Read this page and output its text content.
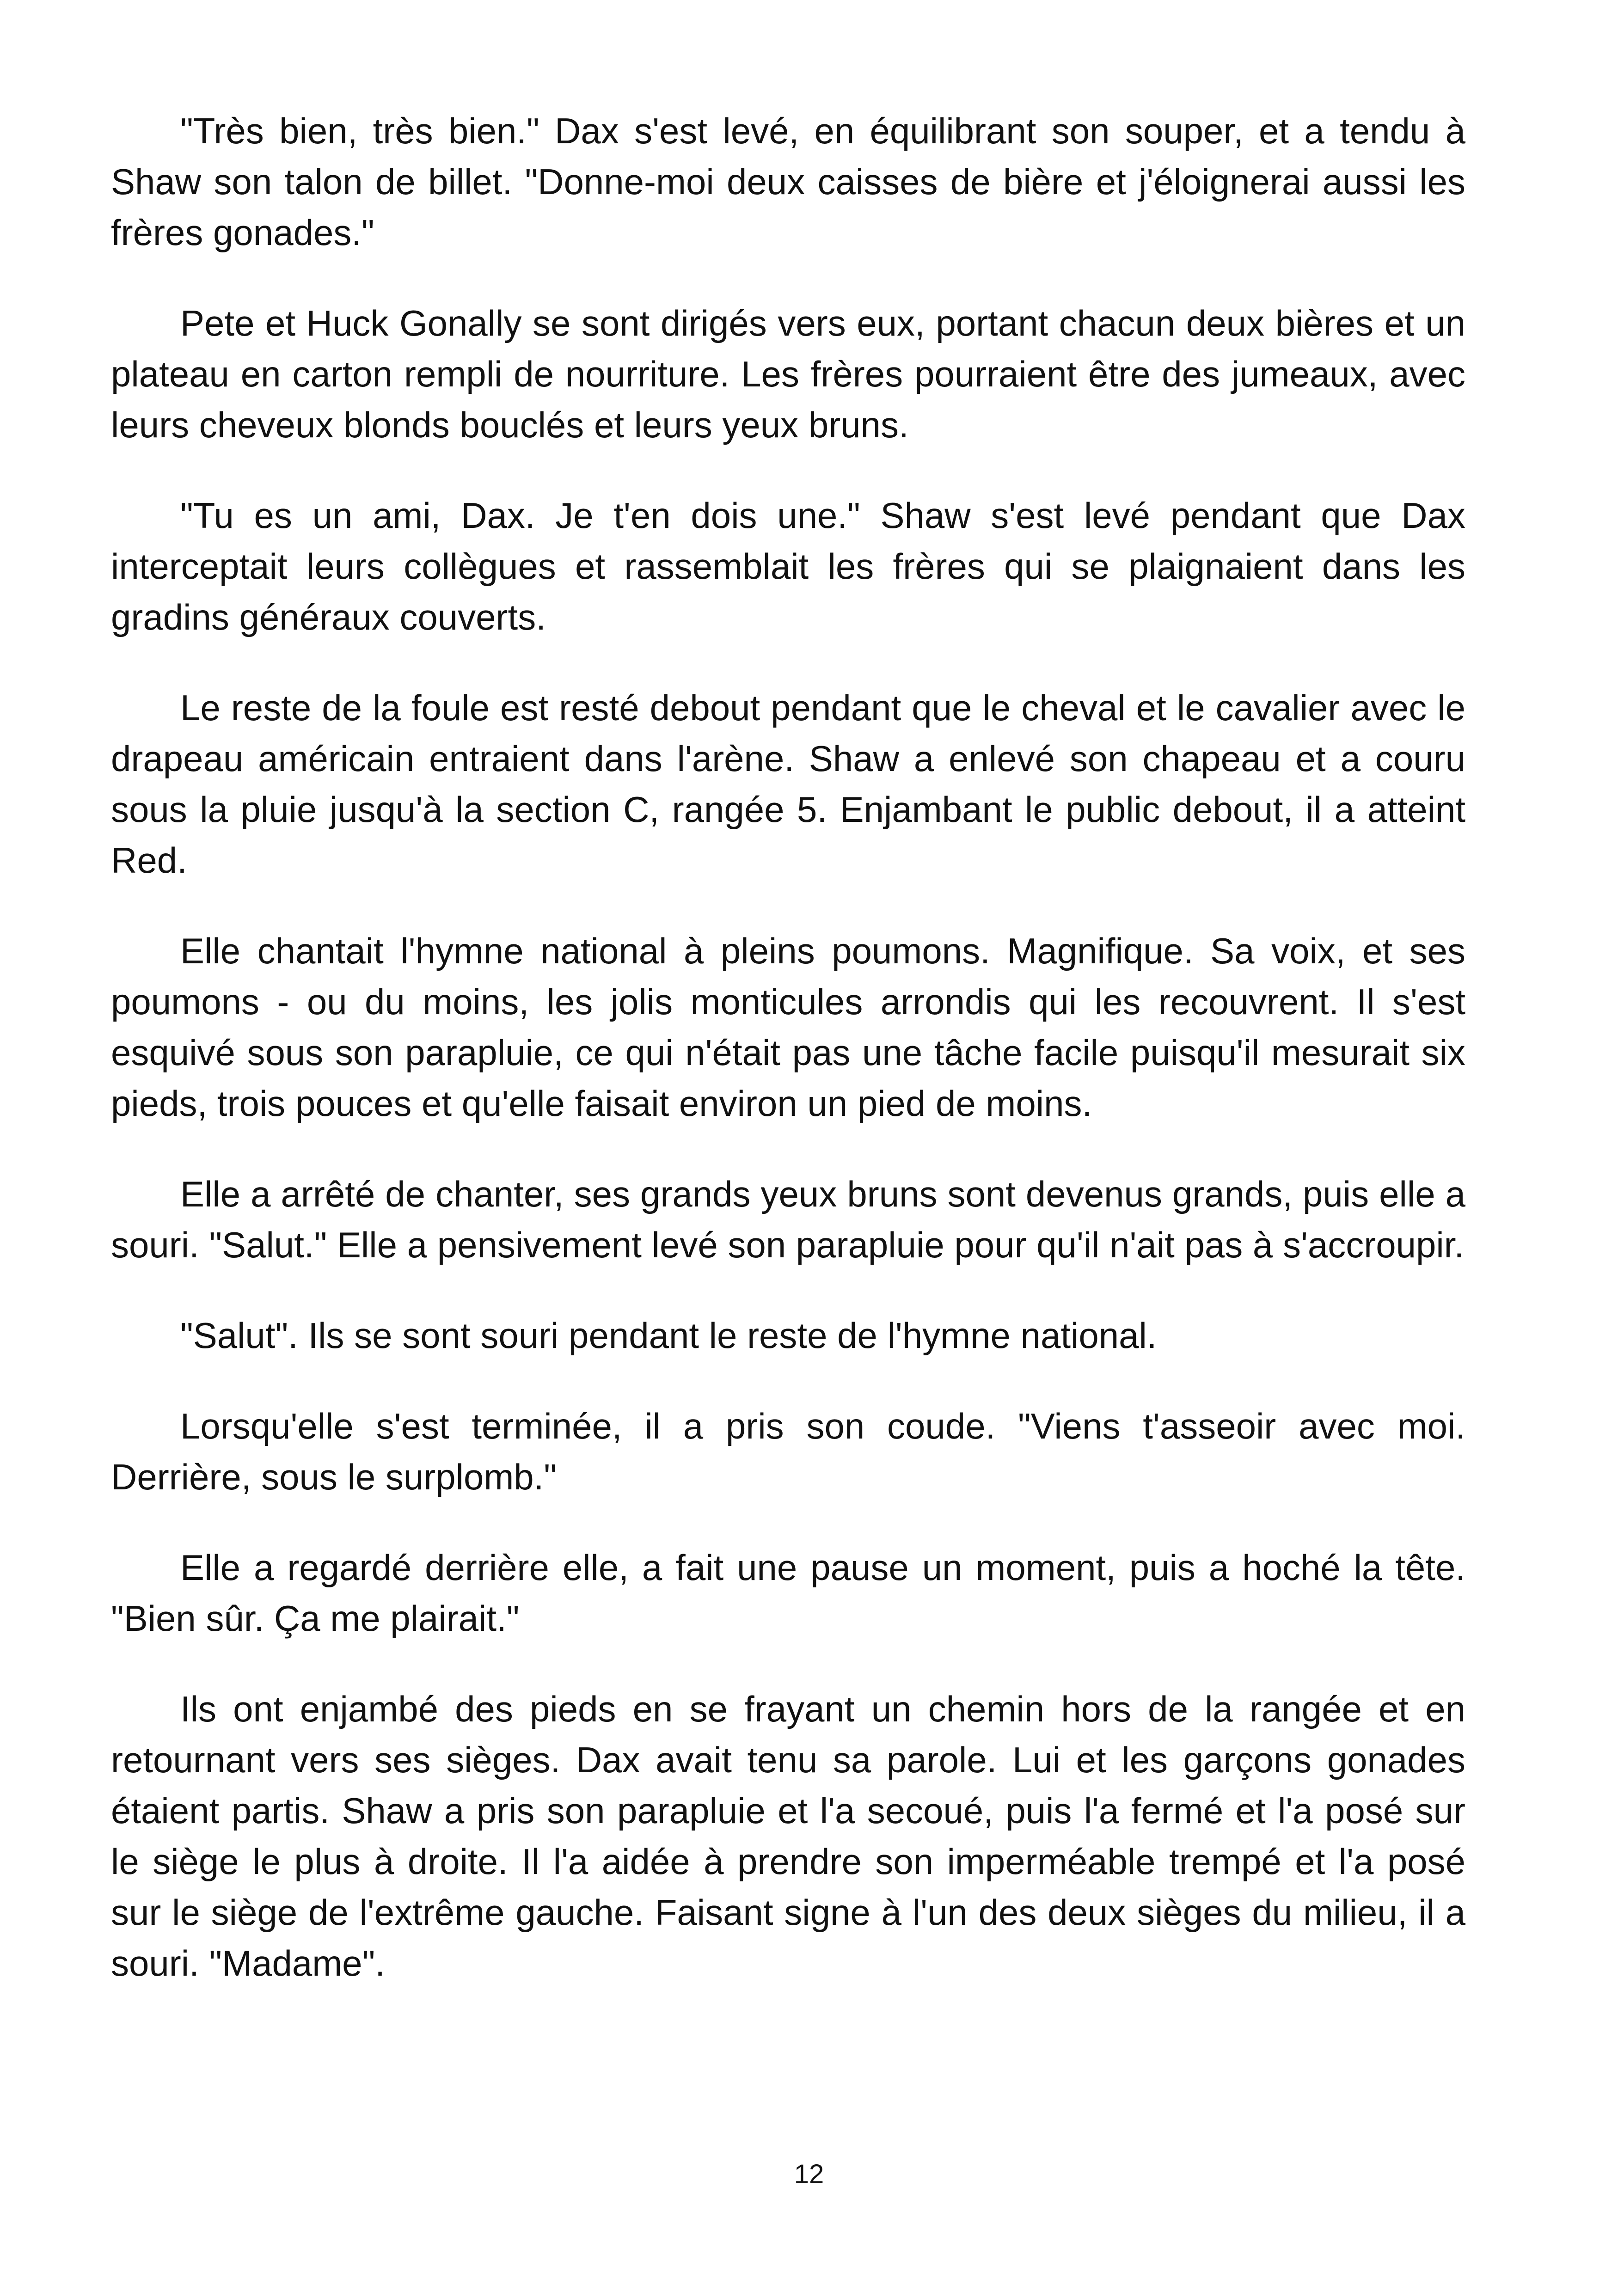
"Très bien, très bien." Dax s'est levé, en équilibrant son souper, et a tendu à Shaw son talon de billet. "Donne-moi deux caisses de bière et j'éloignerai aussi les frères gonades."

Pete et Huck Gonally se sont dirigés vers eux, portant chacun deux bières et un plateau en carton rempli de nourriture. Les frères pourraient être des jumeaux, avec leurs cheveux blonds bouclés et leurs yeux bruns.

"Tu es un ami, Dax. Je t'en dois une." Shaw s'est levé pendant que Dax interceptait leurs collègues et rassemblait les frères qui se plaignaient dans les gradins généraux couverts.

Le reste de la foule est resté debout pendant que le cheval et le cavalier avec le drapeau américain entraient dans l'arène. Shaw a enlevé son chapeau et a couru sous la pluie jusqu'à la section C, rangée 5. Enjambant le public debout, il a atteint Red.

Elle chantait l'hymne national à pleins poumons. Magnifique. Sa voix, et ses poumons - ou du moins, les jolis monticules arrondis qui les recouvrent. Il s'est esquivé sous son parapluie, ce qui n'était pas une tâche facile puisqu'il mesurait six pieds, trois pouces et qu'elle faisait environ un pied de moins.

Elle a arrêté de chanter, ses grands yeux bruns sont devenus grands, puis elle a souri. "Salut." Elle a pensivement levé son parapluie pour qu'il n'ait pas à s'accroupir.

"Salut". Ils se sont souri pendant le reste de l'hymne national.

Lorsqu'elle s'est terminée, il a pris son coude. "Viens t'asseoir avec moi. Derrière, sous le surplomb."

Elle a regardé derrière elle, a fait une pause un moment, puis a hoché la tête. "Bien sûr. Ça me plairait."

Ils ont enjambé des pieds en se frayant un chemin hors de la rangée et en retournant vers ses sièges. Dax avait tenu sa parole. Lui et les garçons gonades étaient partis. Shaw a pris son parapluie et l'a secoué, puis l'a fermé et l'a posé sur le siège le plus à droite. Il l'a aidée à prendre son imperméable trempé et l'a posé sur le siège de l'extrême gauche. Faisant signe à l'un des deux sièges du milieu, il a souri. "Madame".

12
